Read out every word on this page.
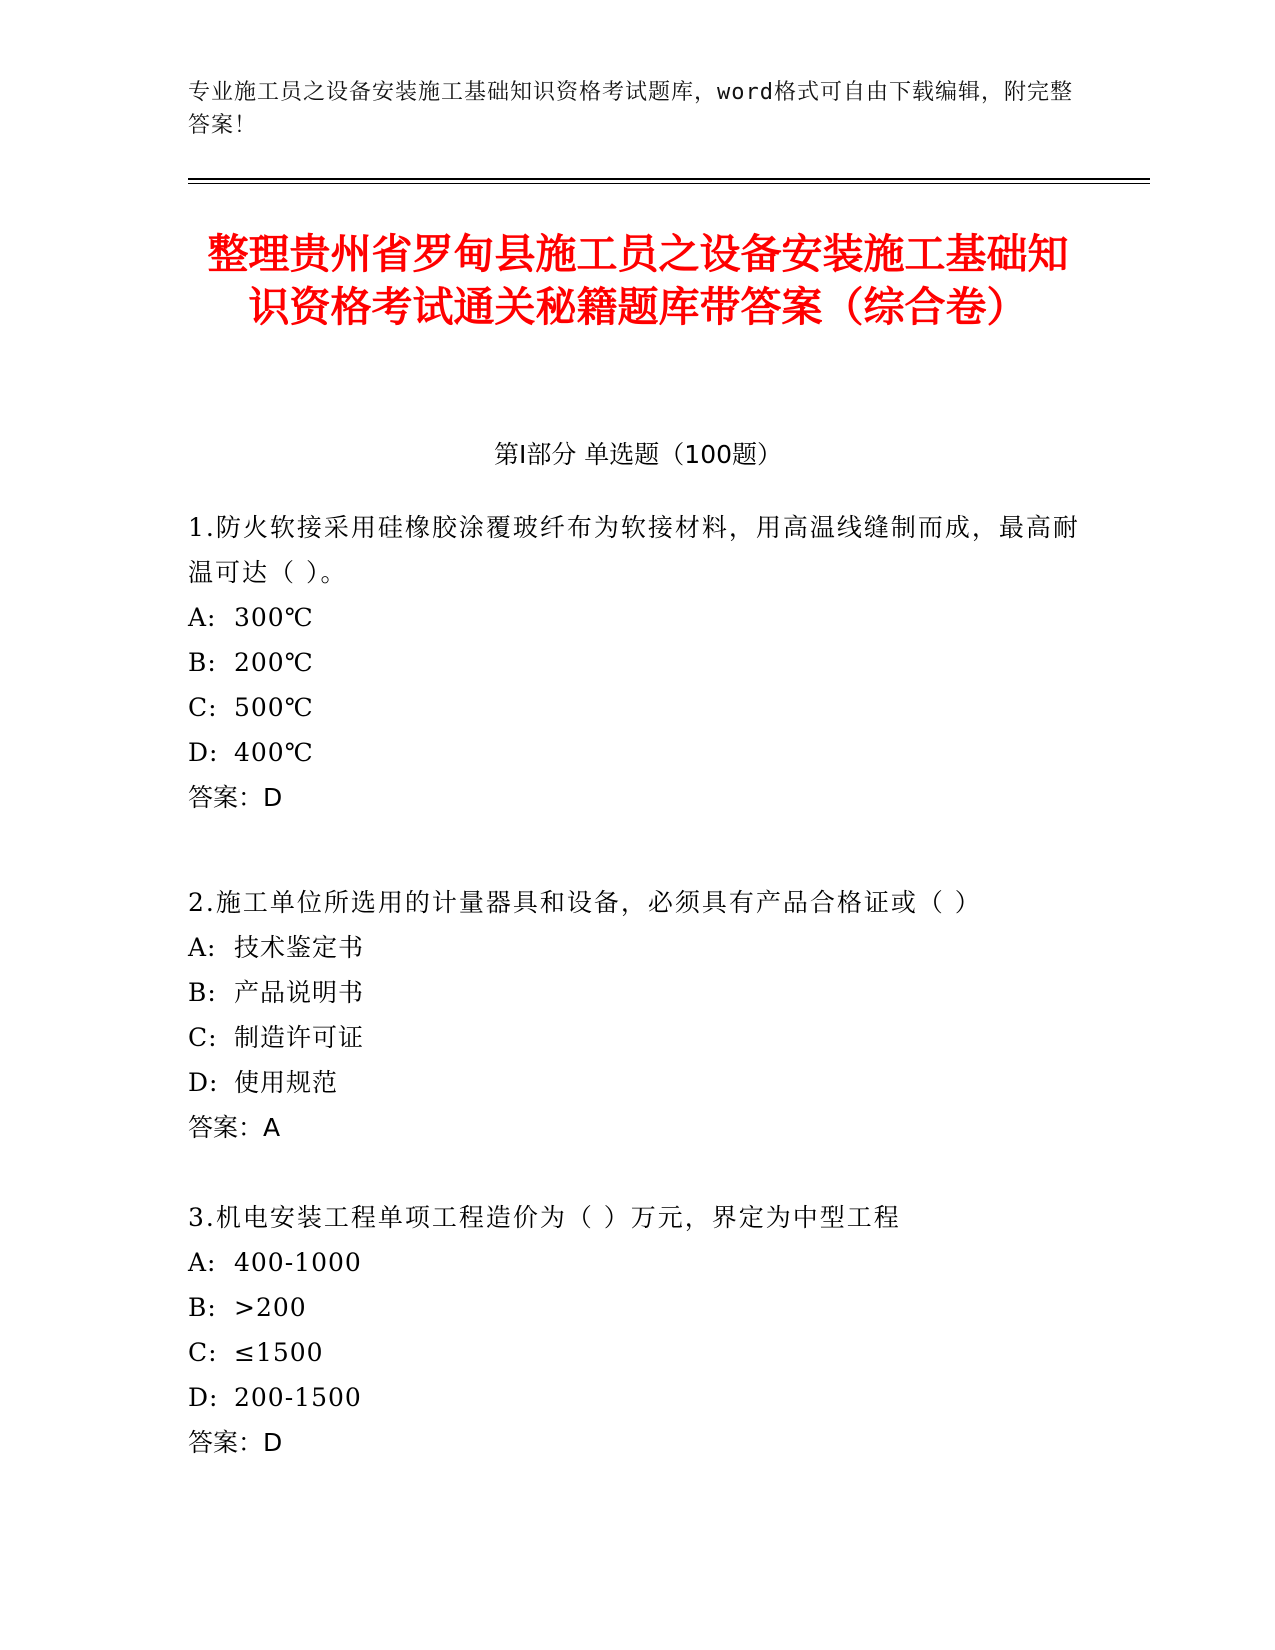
专业施工员之设备安装施工基础知识资格考试题库，word格式可自由下载编辑，附完整答案！
整理贵州省罗甸县施工员之设备安装施工基础知识资格考试通关秘籍题库带答案（综合卷）
第Ⅰ部分 单选题（100题）
1.防火软接采用硅橡胶涂覆玻纤布为软接材料，用高温线缝制而成，最高耐温可达（ ）。
A: 300℃
B: 200℃
C: 500℃
D: 400℃
答案：D
2.施工单位所选用的计量器具和设备，必须具有产品合格证或（ ）
A: 技术鉴定书
B: 产品说明书
C: 制造许可证
D: 使用规范
答案：A
3.机电安装工程单项工程造价为（ ）万元，界定为中型工程
A: 400-1000
B: >200
C: ≤1500
D: 200-1500
答案：D
